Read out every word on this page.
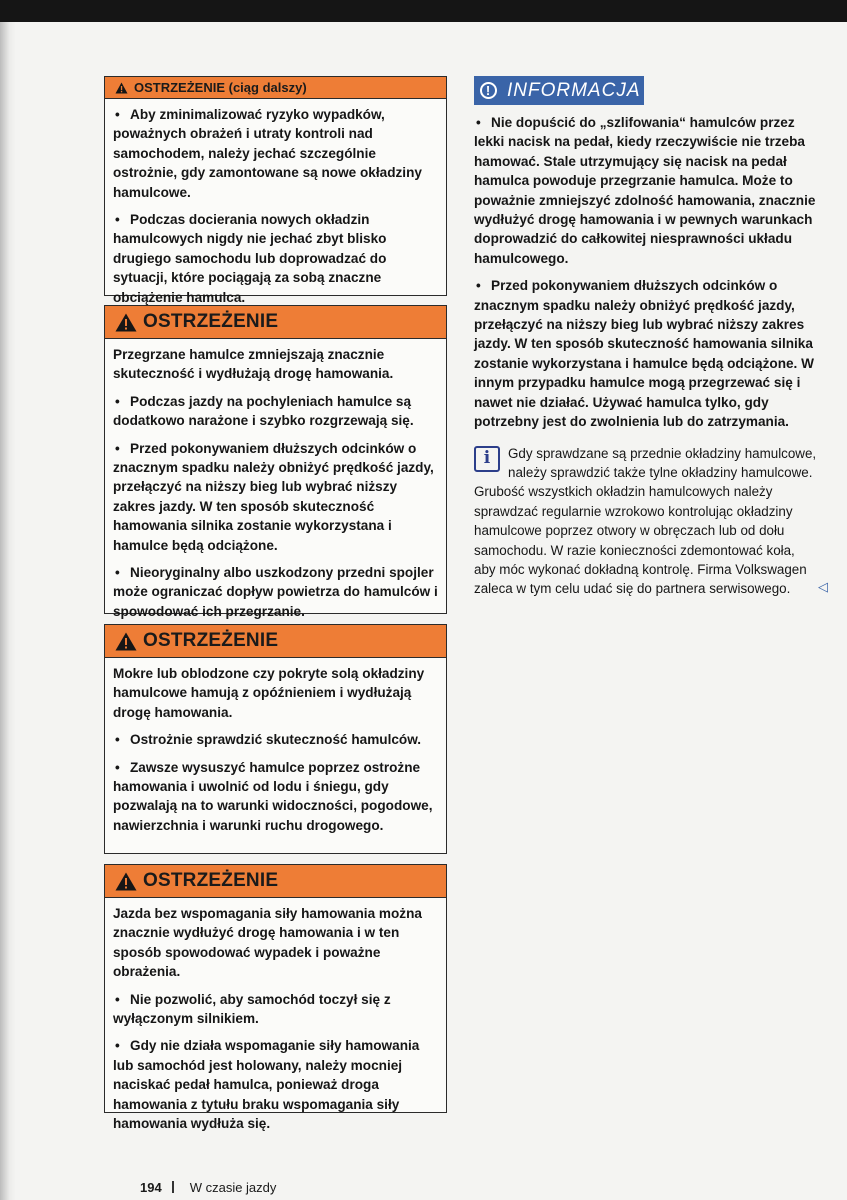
OSTRZEŻENIE (ciąg dalszy)

• Aby zminimalizować ryzyko wypadków, poważnych obrażeń i utraty kontroli nad samochodem, należy jechać szczególnie ostrożnie, gdy zamontowane są nowe okładziny hamulcowe.

• Podczas docierania nowych okładzin hamulcowych nigdy nie jechać zbyt blisko drugiego samochodu lub doprowadzać do sytuacji, które pociągają za sobą znaczne obciążenie hamulca.

OSTRZEŻENIE

Przegrzane hamulce zmniejszają znacznie skuteczność i wydłużają drogę hamowania.

• Podczas jazdy na pochyleniach hamulce są dodatkowo narażone i szybko rozgrzewają się.

• Przed pokonywaniem dłuższych odcinków o znacznym spadku należy obniżyć prędkość jazdy, przełączyć na niższy bieg lub wybrać niższy zakres jazdy. W ten sposób skuteczność hamowania silnika zostanie wykorzystana i hamulce będą odciążone.

• Nieoryginalny albo uszkodzony przedni spojler może ograniczać dopływ powietrza do hamulców i spowodować ich przegrzanie.

OSTRZEŻENIE

Mokre lub oblodzone czy pokryte solą okładziny hamulcowe hamują z opóźnieniem i wydłużają drogę hamowania.

• Ostrożnie sprawdzić skuteczność hamulców.

• Zawsze wysuszyć hamulce poprzez ostrożne hamowania i uwolnić od lodu i śniegu, gdy pozwalają na to warunki widoczności, pogodowe, nawierzchnia i warunki ruchu drogowego.

OSTRZEŻENIE

Jazda bez wspomagania siły hamowania można znacznie wydłużyć drogę hamowania i w ten sposób spowodować wypadek i poważne obrażenia.

• Nie pozwolić, aby samochód toczył się z wyłączonym silnikiem.

• Gdy nie działa wspomaganie siły hamowania lub samochód jest holowany, należy mocniej naciskać pedał hamulca, ponieważ droga hamowania z tytułu braku wspomagania siły hamowania wydłuża się.

! INFORMACJA

• Nie dopuścić do „szlifowania“ hamulców przez lekki nacisk na pedał, kiedy rzeczywiście nie trzeba hamować. Stale utrzymujący się nacisk na pedał hamulca powoduje przegrzanie hamulca. Może to poważnie zmniejszyć zdolność hamowania, znacznie wydłużyć drogę hamowania i w pewnych warunkach doprowadzić do całkowitej niesprawności układu hamulcowego.

• Przed pokonywaniem dłuższych odcinków o znacznym spadku należy obniżyć prędkość jazdy, przełączyć na niższy bieg lub wybrać niższy zakres jazdy. W ten sposób skuteczność hamowania silnika zostanie wykorzystana i hamulce będą odciążone. W innym przypadku hamulce mogą przegrzewać się i nawet nie działać. Używać hamulca tylko, gdy potrzebny jest do zwolnienia lub do zatrzymania.

i	Gdy sprawdzane są przednie okładziny hamulcowe, należy sprawdzić także tylne okładziny hamulcowe. Grubość wszystkich okładzin hamulcowych należy sprawdzać regularnie wzrokowo kontrolując okładziny hamulcowe poprzez otwory w obręczach lub od dołu samochodu. W razie konieczności zdemontować koła, aby móc wykonać dokładną kontrolę. Firma Volkswagen zaleca w tym celu udać się do partnera serwisowego. ◁
194 W czasie jazdy
